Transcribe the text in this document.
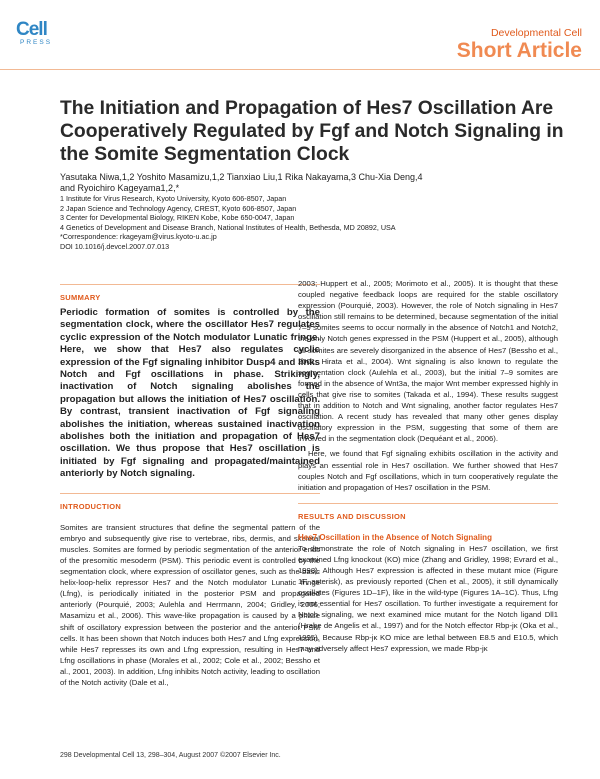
Cell
PRESS
Developmental Cell
Short Article
The Initiation and Propagation of Hes7 Oscillation Are Cooperatively Regulated by Fgf and Notch Signaling in the Somite Segmentation Clock
Yasutaka Niwa,1,2 Yoshito Masamizu,1,2 Tianxiao Liu,1 Rika Nakayama,3 Chu-Xia Deng,4
and Ryoichiro Kageyama1,2,*
1 Institute for Virus Research, Kyoto University, Kyoto 606-8507, Japan
2 Japan Science and Technology Agency, CREST, Kyoto 606-8507, Japan
3 Center for Developmental Biology, RIKEN Kobe, Kobe 650-0047, Japan
4 Genetics of Development and Disease Branch, National Institutes of Health, Bethesda, MD 20892, USA
*Correspondence: rkageyam@virus.kyoto-u.ac.jp
DOI 10.1016/j.devcel.2007.07.013
SUMMARY

Periodic formation of somites is controlled by the segmentation clock, where the oscillator Hes7 regulates cyclic expression of the Notch modulator Lunatic fringe. Here, we show that Hes7 also regulates cyclic expression of the Fgf signaling inhibitor Dusp4 and links Notch and Fgf oscillations in phase. Strikingly, inactivation of Notch signaling abolishes the propagation but allows the initiation of Hes7 oscillation. By contrast, transient inactivation of Fgf signaling abolishes the initiation, whereas sustained inactivation abolishes both the initiation and propagation of Hes7 oscillation. We thus propose that Hes7 oscillation is initiated by Fgf signaling and propagated/maintained anteriorly by Notch signaling.

INTRODUCTION

Somites are transient structures that define the segmental pattern of the embryo and subsequently give rise to vertebrae, ribs, dermis, and skeletal muscles. Somites are formed by periodic segmentation of the anterior ends of the presomitic mesoderm (PSM). This periodic event is controlled by the segmentation clock, where expression of oscillator genes, such as the basic helix-loop-helix repressor Hes7 and the Notch modulator Lunatic fringe (Lfng), is periodically initiated in the posterior PSM and propagated anteriorly (Pourquié, 2003; Aulehla and Herrmann, 2004; Gridley, 2006; Masamizu et al., 2006). This wave-like propagation is caused by a phase shift of oscillatory expression between the posterior and the anterior PSM cells. It has been shown that Notch induces both Hes7 and Lfng expression, while Hes7 represses its own and Lfng expression, resulting in Hes7 and Lfng oscillations in phase (Morales et al., 2002; Cole et al., 2002; Bessho et al., 2001, 2003). In addition, Lfng inhibits Notch activity, leading to oscillation of the Notch activity (Dale et al.,

2003; Huppert et al., 2005; Morimoto et al., 2005). It is thought that these coupled negative feedback loops are required for the stable oscillatory expression (Pourquié, 2003). However, the role of Notch signaling in Hes7 oscillation still remains to be determined, because segmentation of the initial 7–9 somites seems to occur normally in the absence of Notch1 and Notch2, the only Notch genes expressed in the PSM (Huppert et al., 2005), although all somites are severely disorganized in the absence of Hes7 (Bessho et al., 2001; Hirata et al., 2004). Wnt signaling is also known to regulate the segmentation clock (Aulehla et al., 2003), but the initial 7–9 somites are formed in the absence of Wnt3a, the major Wnt member expressed highly in cells that give rise to somites (Takada et al., 1994). These results suggest that in addition to Notch and Wnt signaling, another factor regulates Hes7 oscillation. A recent study has revealed that many other genes display oscillatory expression in the PSM, suggesting that some of them are involved in the segmentation clock (Dequéant et al., 2006).

Here, we found that Fgf signaling exhibits oscillation in the activity and plays an essential role in Hes7 oscillation. We further showed that Hes7 couples Notch and Fgf oscillations, which in turn cooperatively regulate the initiation and propagation of Hes7 oscillation in the PSM.

RESULTS AND DISCUSSION
Hes7 Oscillation in the Absence of Notch Signaling

To demonstrate the role of Notch signaling in Hes7 oscillation, we first examined Lfng knockout (KO) mice (Zhang and Gridley, 1998; Evrard et al., 1998). Although Hes7 expression is affected in these mutant mice (Figure 1F, asterisk), as previously reported (Chen et al., 2005), it still dynamically oscillates (Figures 1D–1F), like in the wild-type (Figures 1A–1C). Thus, Lfng is not essential for Hes7 oscillation. To further investigate a requirement for Notch signaling, we next examined mice mutant for the Notch ligand Dll1 (Hrabe de Angelis et al., 1997) and for the Notch effector Rbp-jκ (Oka et al., 1995). Because Rbp-jκ KO mice are lethal between E8.5 and E10.5, which may adversely affect Hes7 expression, we made Rbp-jκ

298 Developmental Cell 13, 298–304, August 2007 ©2007 Elsevier Inc.
